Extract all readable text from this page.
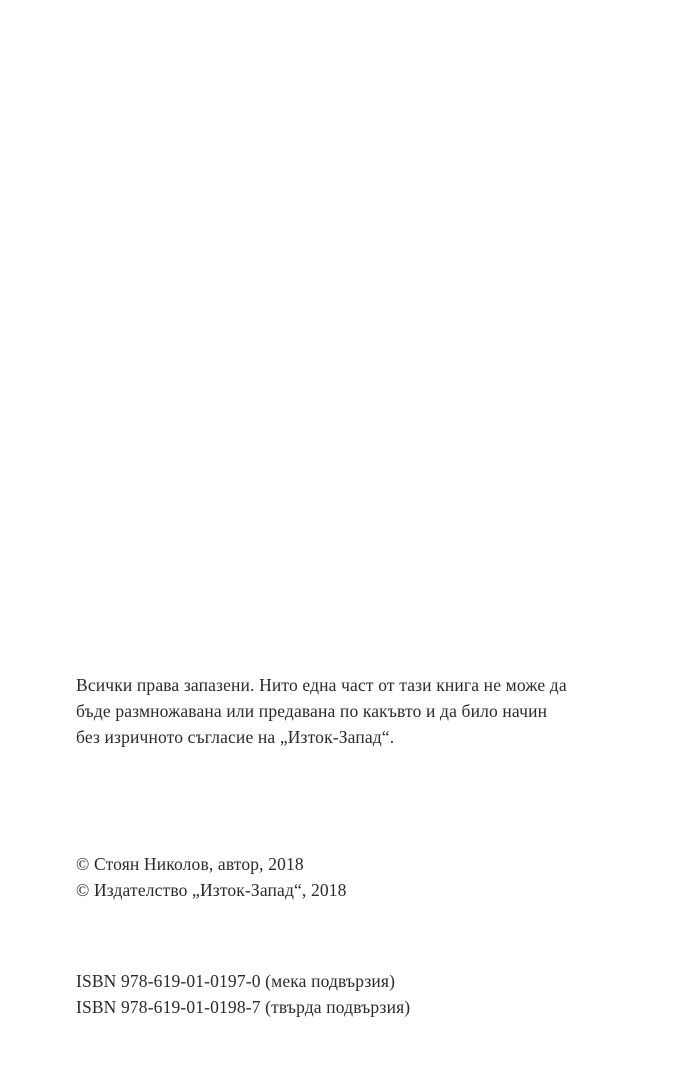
Всички права запазени. Нито една част от тази книга не може да
бъде размножавана или предавана по какъвто и да било начин
без изричното съгласие на „Изток-Запад“.
© Стоян Николов, автор, 2018
© Издателство „Изток-Запад“, 2018
ISBN 978-619-01-0197-0 (мека подвързия)
ISBN 978-619-01-0198-7 (твърда подвързия)
